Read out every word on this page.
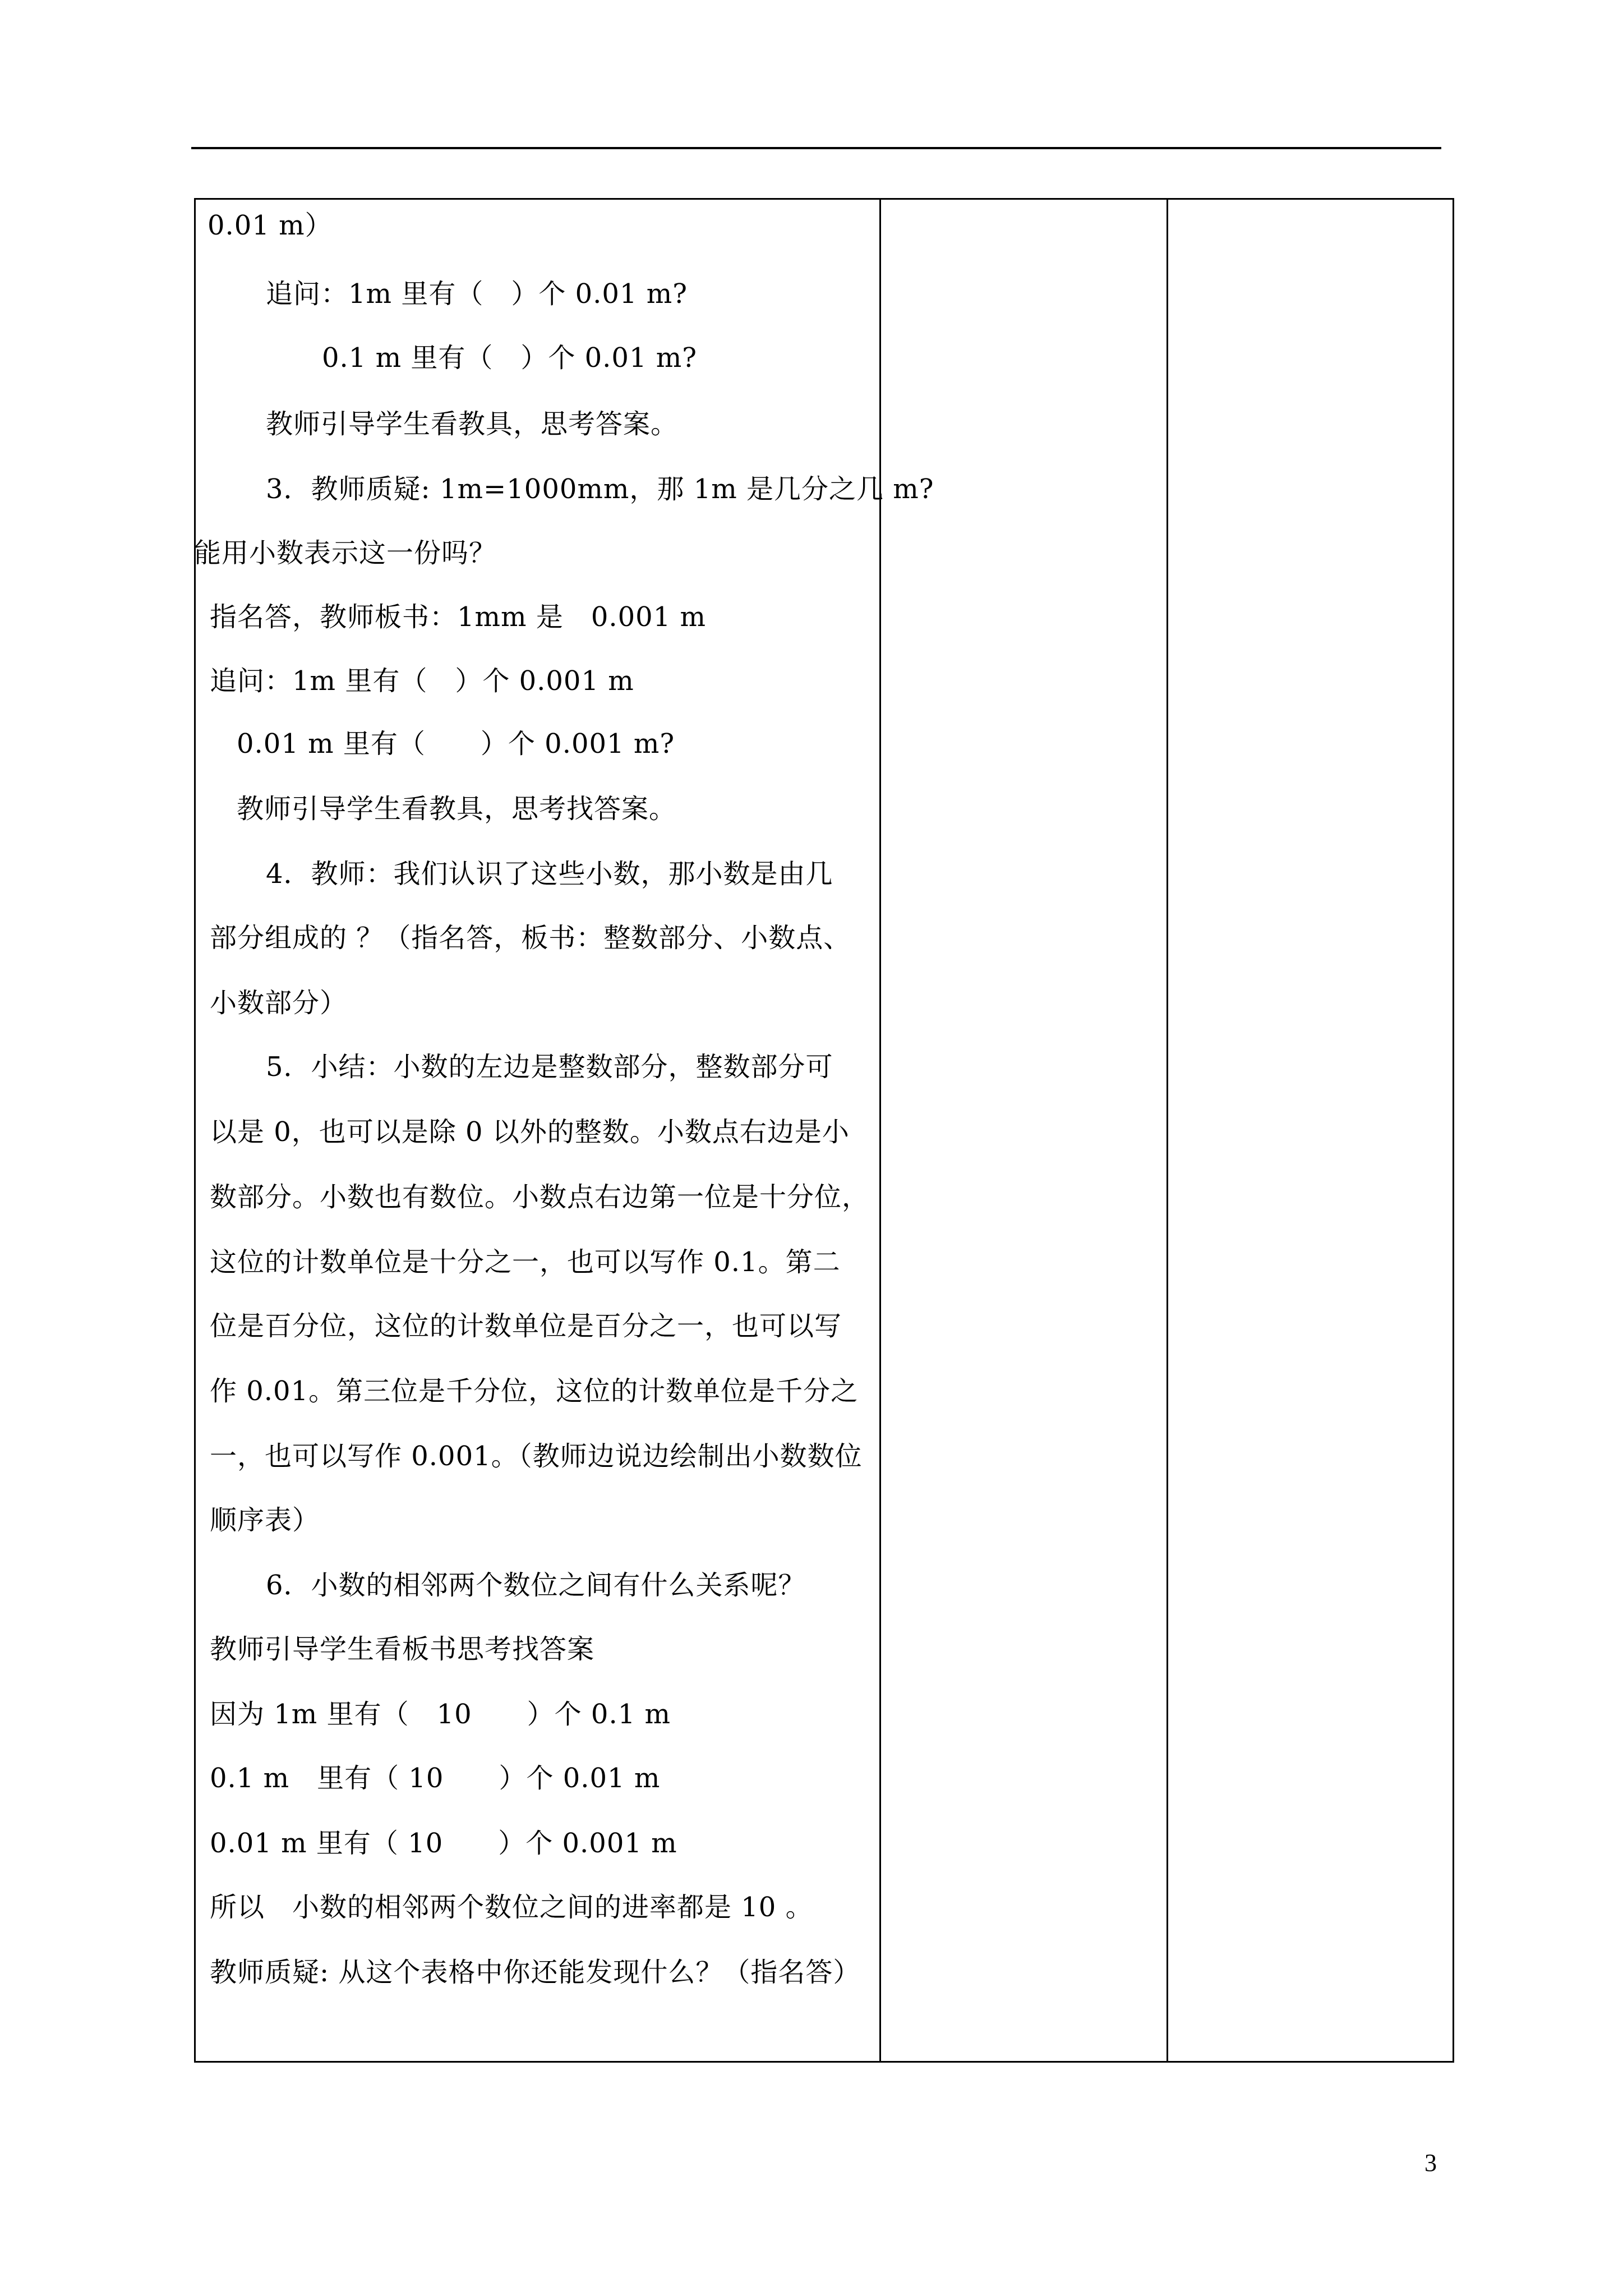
0.01 m）
追问：1m 里有（　）个 0.01 m?
0.1 m 里有（　）个 0.01 m?
教师引导学生看教具，思考答案。
3．教师质疑: 1m=1000mm，那 1m 是几分之几 m?
能用小数表示这一份吗？
指名答，教师板书：1mm 是　0.001 m
追问：1m 里有（　）个 0.001 m
0.01 m 里有（　　）个 0.001 m?
教师引导学生看教具，思考找答案。
4．教师：我们认识了这些小数，那小数是由几
部分组成的 ？（指名答，板书：整数部分、小数点、
小数部分）
5．小结：小数的左边是整数部分，整数部分可
以是 0，也可以是除 0 以外的整数。小数点右边是小
数部分。小数也有数位。小数点右边第一位是十分位，
这位的计数单位是十分之一，也可以写作 0.1。第二
位是百分位，这位的计数单位是百分之一，也可以写
作 0.01。第三位是千分位，这位的计数单位是千分之
一，也可以写作 0.001。（教师边说边绘制出小数数位
顺序表）
6．小数的相邻两个数位之间有什么关系呢？
教师引导学生看板书思考找答案
因为 1m 里有（　10　　）个 0.1 m
0.1 m　里有（ 10　　）个 0.01 m
0.01 m 里有（ 10　　）个 0.001 m
所以　小数的相邻两个数位之间的进率都是 10 。
教师质疑: 从这个表格中你还能发现什么？（指名答）
3
